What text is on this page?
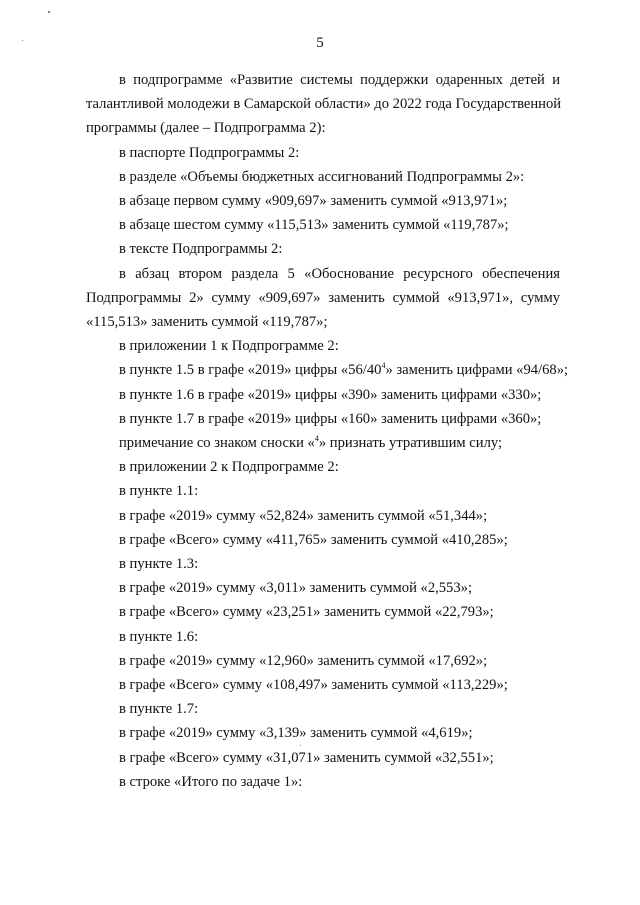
5
в подпрограмме «Развитие системы поддержки одаренных детей и
талантливой молодежи в Самарской области» до 2022 года Государственной
программы (далее – Подпрограмма 2):

в паспорте Подпрограммы 2:

в разделе «Объемы бюджетных ассигнований Подпрограммы 2»:

в абзаце первом сумму «909,697» заменить суммой «913,971»;

в абзаце шестом сумму «115,513» заменить суммой «119,787»;

в тексте Подпрограммы 2:

в абзац втором раздела 5 «Обоснование ресурсного обеспечения
Подпрограммы 2» сумму «909,697» заменить суммой «913,971», сумму
«115,513» заменить суммой «119,787»;

в приложении 1 к Подпрограмме 2:

в пункте 1.5 в графе «2019» цифры «$56/40^4$» заменить цифрами «94/68»;

в пункте 1.6 в графе «2019» цифры «390» заменить цифрами «330»;

в пункте 1.7 в графе «2019» цифры «160» заменить цифрами «360»;

примечание со знаком сноски «$^4$» признать утратившим силу;

в приложении 2 к Подпрограмме 2:

в пункте 1.1:

в графе «2019» сумму «52,824» заменить суммой «51,344»;

в графе «Всего» сумму «411,765» заменить суммой «410,285»;

в пункте 1.3:

в графе «2019» сумму «3,011» заменить суммой «2,553»;

в графе «Всего» сумму «23,251» заменить суммой «22,793»;

в пункте 1.6:

в графе «2019» сумму «12,960» заменить суммой «17,692»;

в графе «Всего» сумму «108,497» заменить суммой «113,229»;

в пункте 1.7:

в графе «2019» сумму «3,139» заменить суммой «4,619»;

в графе «Всего» сумму «31,071» заменить суммой «32,551»;

в строке «Итого по задаче 1»:
